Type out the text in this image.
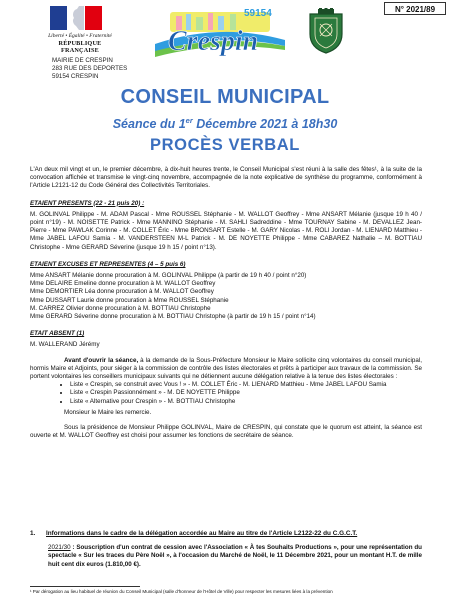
Liberté • Égalité • Fraternité
RÉPUBLIQUE FRANÇAISE
59154
Crespin
N° 2021/89
MAIRIE DE CRESPIN
283 RUE DES DEPORTES
59154 CRESPIN
CONSEIL MUNICIPAL
Séance du 1er Décembre 2021 à 18h30
PROCÈS VERBAL

L'An deux mil vingt et un, le premier décembre, à dix-huit heures trente, le Conseil Municipal s'est réuni à la salle des fêtes¹, à la suite de la convocation affichée et transmise le vingt-cinq novembre, accompagnée de la note explicative de synthèse du programme, conformément à l'Article L2121-12 du Code Général des Collectivités Territoriales.

ETAIENT PRESENTS (22 - 21 puis 20) :

M. GOLINVAL Philippe - M. ADAM Pascal - Mme ROUSSEL Stéphanie - M. WALLOT Geoffrey - Mme ANSART Mélanie (jusque 19 h 40 / point n°19) - M. NOISETTE Patrick - Mme MANNINO Stéphanie - M. SAHLI Sadreddine - Mme TOURNAY Sabine - M. DEVALLEZ Jean-Pierre - Mme PAWLAK Corinne - M. COLLET Éric - Mme BRONSART Estelle - M. GARY Nicolas - M. ROLI Jordan - M. LIENARD Matthieu - Mme JABEL LAFOU Samia - M. VANDERSTEEN M-L Patrick - M. DE NOYETTE Philippe - Mme CABAREZ Nathalie – M. BOTTIAU Christophe - Mme GERARD Séverine (jusque 19 h 15 / point n°13).

ETAIENT EXCUSES ET REPRESENTES (4 – 5 puis 6)

Mme ANSART Mélanie donne procuration à M. GOLINVAL Philippe (à partir de 19 h 40 / point n°20)

Mme DELAIRE Emeline donne procuration à M. WALLOT Geoffrey

Mme DEMORTIER Léa donne procuration à M. WALLOT Geoffrey

Mme DUSSART Laurie donne procuration à Mme ROUSSEL Stéphanie

M. CARREZ Olivier donne procuration à M. BOTTIAU Christophe

Mme GERARD Séverine donne procuration à M. BOTTIAU Christophe (à partir de 19 h 15 / point n°14)

ETAIT ABSENT (1)

M. WALLERAND Jérémy

Avant d'ouvrir la séance, à la demande de la Sous-Préfecture Monsieur le Maire sollicite cinq volontaires du conseil municipal, hormis Maire et Adjoints, pour siéger à la commission de contrôle des listes électorales et prêts à participer aux travaux de la commission. Se portent volontaires les conseillers municipaux suivants qui ne détiennent aucune délégation relative à la tenue des listes électorales :

• Liste « Crespin, se construit avec Vous ! » - M. COLLET Éric - M. LIENARD Matthieu - Mme JABEL LAFOU Samia
• Liste « Crespin Passionnément » - M. DE NOYETTE Philippe
• Liste « Alternative pour Crespin » - M. BOTTIAU Christophe

Monsieur le Maire les remercie.

Sous la présidence de Monsieur Philippe GOLINVAL, Maire de CRESPIN, qui constate que le quorum est atteint, la séance est ouverte et M. WALLOT Geoffrey est choisi pour assumer les fonctions de secrétaire de séance.

1. Informations dans le cadre de la délégation accordée au Maire au titre de l'Article L2122-22 du C.G.C.T.
2021/30 : Souscription d'un contrat de cession avec l'Association « À tes Souhaits Productions », pour une représentation du spectacle « Sur les traces du Père Noël », à l'occasion du Marché de Noël, le 11 Décembre 2021, pour un montant H.T. de mille huit cent dix euros (1.810,00 €).
¹ Par dérogation au lieu habituel de réunion du Conseil Municipal (salle d'honneur de l'Hôtel de Ville) pour respecter les mesures liées à la prévention
